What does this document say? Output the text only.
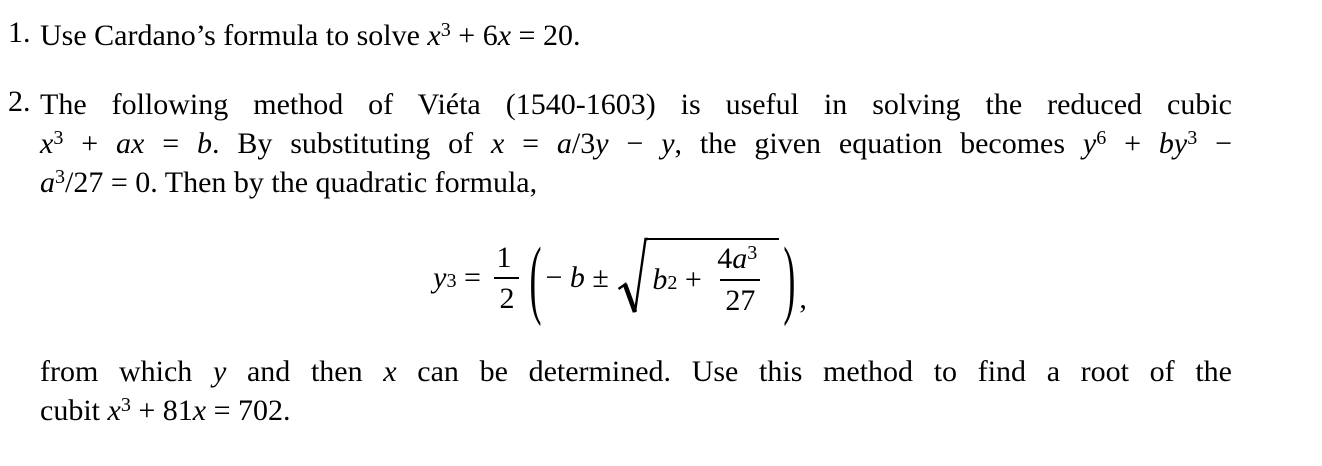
1. Use Cardano’s formula to solve $x^3 + 6x = 20$.
2. The following method of Viéta (1540-1603) is useful in solving the reduced cubic
$x^3$ + ax = b. By substituting of x = a/3y − y, the given equation becomes $y^6 + by^3$ −
$a^3/27 = 0$. Then by the quadratic formula,
y $3 = \frac{1}{2}$ ( − b ± b $2 + \frac{4a^3}{27}$ ) ,
from which y and then x can be determined. Use this method to find a root of the
cubit $x^3 + 81x = 702$.
